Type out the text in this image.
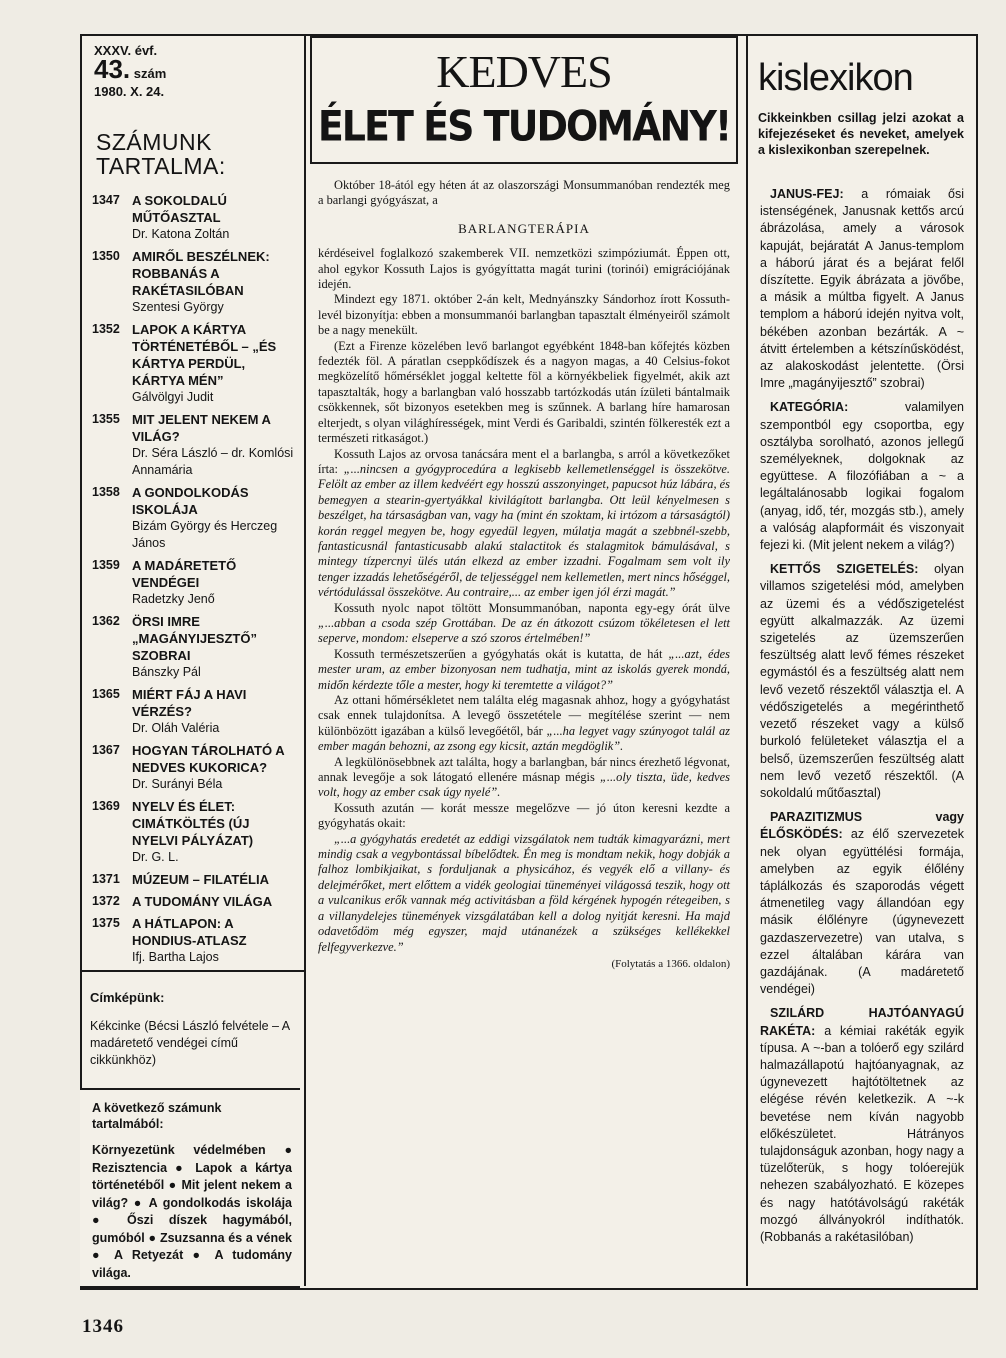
XXXV. évf.
43. szám
1980. X. 24.
SZÁMUNK
TARTALMA:
1347 A SOKOLDALÚ MŰTŐASZTAL
Dr. Katona Zoltán
1350 AMIRŐL BESZÉLNEK: ROBBANÁS A RAKÉTASILÓBAN
Szentesi György
1352 LAPOK A KÁRTYA TÖRTÉNETÉBŐL – „ÉS KÁRTYA PERDÜL, KÁRTYA MÉN”
Gálvölgyi Judit
1355 MIT JELENT NEKEM A VILÁG?
Dr. Séra László – dr. Komlósi Annamária
1358 A GONDOLKODÁS ISKOLÁJA
Bizám György és Herczeg János
1359 A MADÁRETETŐ VENDÉGEI
Radetzky Jenő
1362 ÖRSI IMRE „MAGÁNYIJESZTŐ” SZOBRAI
Bánszky Pál
1365 MIÉRT FÁJ A HAVI VÉRZÉS?
Dr. Oláh Valéria
1367 HOGYAN TÁROLHATÓ A NEDVES KUKORICA?
Dr. Surányi Béla
1369 NYELV ÉS ÉLET: CIMÁTKÖLTÉS (ÚJ NYELVI PÁLYÁZAT)
Dr. G. L.
1371 MÚZEUM – FILATÉLIA
1372 A TUDOMÁNY VILÁGA
1375 A HÁTLAPON: A HONDIUS-ATLASZ
Ifj. Bartha Lajos
Címképünk:
Kékcinke (Bécsi László felvétele – A madáretető vendégei című cikkünkhöz)
A következő számunk tartalmából:
Környezetünk védelmében ● Rezisztencia ● Lapok a kártya történetéből ● Mit jelent nekem a világ? ● A gondolkodás iskolája ● Őszi díszek hagymából, gumóból ● Zsuzsanna és a vének ● A Retyezát ● A tudomány világa.
KEDVES
ÉLET ÉS TUDOMÁNY!

Október 18-ától egy héten át az olaszországi Monsummanóban rendezték meg a barlangi gyógyászat, a

BARLANGTERÁPIA

kérdéseivel foglalkozó szakemberek VII. nemzetközi szimpóziumát. Éppen ott, ahol egykor Kossuth Lajos is gyógyíttatta magát turini (torinói) emigrációjának idején.

Mindezt egy 1871. október 2-án kelt, Mednyánszky Sándorhoz írott Kossuth-levél bizonyítja: ebben a monsummanói barlangban tapasztalt élményeiről számolt be a nagy menekült.

(Ezt a Firenze közelében levő barlangot egyébként 1848-ban kőfejtés közben fedezték föl. A páratlan cseppkődíszek és a nagyon magas, a 40 Celsius-fokot megközelítő hőmérséklet joggal keltette föl a környékbeliek figyelmét, akik azt tapasztalták, hogy a barlangban való hosszabb tartózkodás után ízületi bántalmaik csökkennek, sőt bizonyos esetekben meg is szűnnek. A barlang híre hamarosan elterjedt, s olyan világhírességek, mint Verdi és Garibaldi, szintén fölkeresték ezt a természeti ritkaságot.)

Kossuth Lajos az orvosa tanácsára ment el a barlangba, s arról a következőket írta: „...nincsen a gyógyprocedúra a legkisebb kellemetlenséggel is összekötve. Felölt az ember az illem kedvéért egy hosszú asszonyinget, papucsot húz lábára, és bemegyen a stearin-gyertyákkal kivilágított barlangba. Ott leül kényelmesen s beszélget, ha társaságban van, vagy ha (mint én szoktam, ki irtózom a társaságtól) korán reggel megyen be, hogy egyedül legyen, múlatja magát a szebbnél-szebb, fantasticusnál fantasticusabb alakú stalactitok és stalagmitok bámulásával, s mintegy tízpercnyi ülés után elkezd az ember izzadni. Fogalmam sem volt ily tenger izzadás lehetőségéről, de teljességgel nem kellemetlen, mert nincs hőséggel, vértódulással összekötve. Au contraire,... az ember igen jól érzi magát.”

Kossuth nyolc napot töltött Monsummanóban, naponta egy-egy órát ülve „...abban a csoda szép Grottában. De az én átkozott csúzom tökéletesen el lett seperve, mondom: elseperve a szó szoros értelmében!”

Kossuth természetszerűen a gyógyhatás okát is kutatta, de hát „...azt, édes mester uram, az ember bizonyosan nem tudhatja, mint az iskolás gyerek mondá, midőn kérdezte tőle a mester, hogy ki teremtette a világot?”

Az ottani hőmérsékletet nem találta elég magasnak ahhoz, hogy a gyógyhatást csak ennek tulajdonítsa. A levegő összetétele — megítélése szerint — nem különbözött igazában a külső levegőétől, bár „...ha legyet vagy szúnyogot talál az ember magán behozni, az zsong egy kicsit, aztán megdöglik”.

A legkülönösebbnek azt találta, hogy a barlangban, bár nincs érezhető légvonat, annak levegője a sok látogató ellenére másnap mégis „...oly tiszta, üde, kedves volt, hogy az ember csak úgy nyelé”.

Kossuth azután — korát messze megelőzve — jó úton keresni kezdte a gyógyhatás okait:

„...a gyógyhatás eredetét az eddigi vizsgálatok nem tudták kimagyarázni, mert mindig csak a vegybontással bíbelődtek. Én meg is mondtam nekik, hogy dobják a falhoz lombikjaikat, s forduljanak a physicához, és vegyék elő a villany- és delejmérőket, mert előttem a vidék geologiai tüneményei világossá teszik, hogy ott a vulcanikus erők vannak még activitásban a föld kérgének hypogén rétegeiben, s a villanydelejes tünemények vizsgálatában kell a dolog nyitját keresni. Ha majd odavetődöm még egyszer, majd utánanézek a szükséges kellékekkel felfegyverkezve.”

(Folytatás a 1366. oldalon)

kislexikon
Cikkeinkben csillag jelzi azokat a kifejezéseket és neveket, amelyek a kislexikonban szerepelnek.

JANUS-FEJ: a rómaiak ősi istenségének, Janusnak kettős arcú ábrázolása, amely a városok kapuját, bejáratát A Janus-templom a háború járat és a bejárat felől díszítette. Egyik ábrázata a jövőbe, a másik a múltba figyelt. A Janus templom a háború idején nyitva volt, békében azonban bezárták. A ~ átvitt értelemben a kétszínűsködést, az alakoskodást jelentette. (Örsi Imre „magányijesztő” szobrai)

KATEGÓRIA:	valamilyen szempontból egy csoportba, egy osztályba sorolható, azonos jellegű személyeknek, dolgoknak az együttese. A filozófiában a ~ a legáltalánosabb logikai fogalom (anyag, idő, tér, mozgás stb.), amely a valóság alapformáit és viszonyait fejezi ki. (Mit jelent nekem a világ?)

KETTŐS SZIGETELÉS: olyan villamos szigetelési mód, amelyben az üzemi és a védőszigetelést együtt alkalmazzák. Az üzemi szigetelés az üzemszerűen feszültség alatt levő fémes részeket egymástól és a feszültség alatt nem levő vezető részektől választja el. A védőszigetelés a megérinthető vezető részeket vagy a külső burkoló felületeket választja el a belső, üzemszerűen feszültség alatt nem levő vezető részektől. (A sokoldalú műtőasztal)

PARAZITIZMUS vagy ÉLŐSKÖDÉS: az élő szervezetek nek olyan együttélési formája, amelyben az egyik élőlény táplálkozás és szaporodás végett átmenetileg vagy állandóan egy másik élőlényre (úgynevezett gazdaszervezetre) van utalva, s ezzel általában kárára van gazdájának. (A madáretető vendégei)

SZILÁRD HAJTÓANYAGÚ RAKÉTA: a kémiai rakéták egyik típusa. A ~-ban a tolóerő egy szilárd halmazállapotú hajtóanyagnak, az úgynevezett hajtótöltetnek az elégése révén keletkezik. A ~-k bevetése nem kíván nagyobb előkészületet. Hátrányos tulajdonságuk azonban, hogy nagy a tüzelőterük, s hogy tolóerejük nehezen szabályozható. E közepes és nagy hatótávolságú rakéták mozgó állványokról indíthatók. (Robbanás a rakétasilóban)

1346
